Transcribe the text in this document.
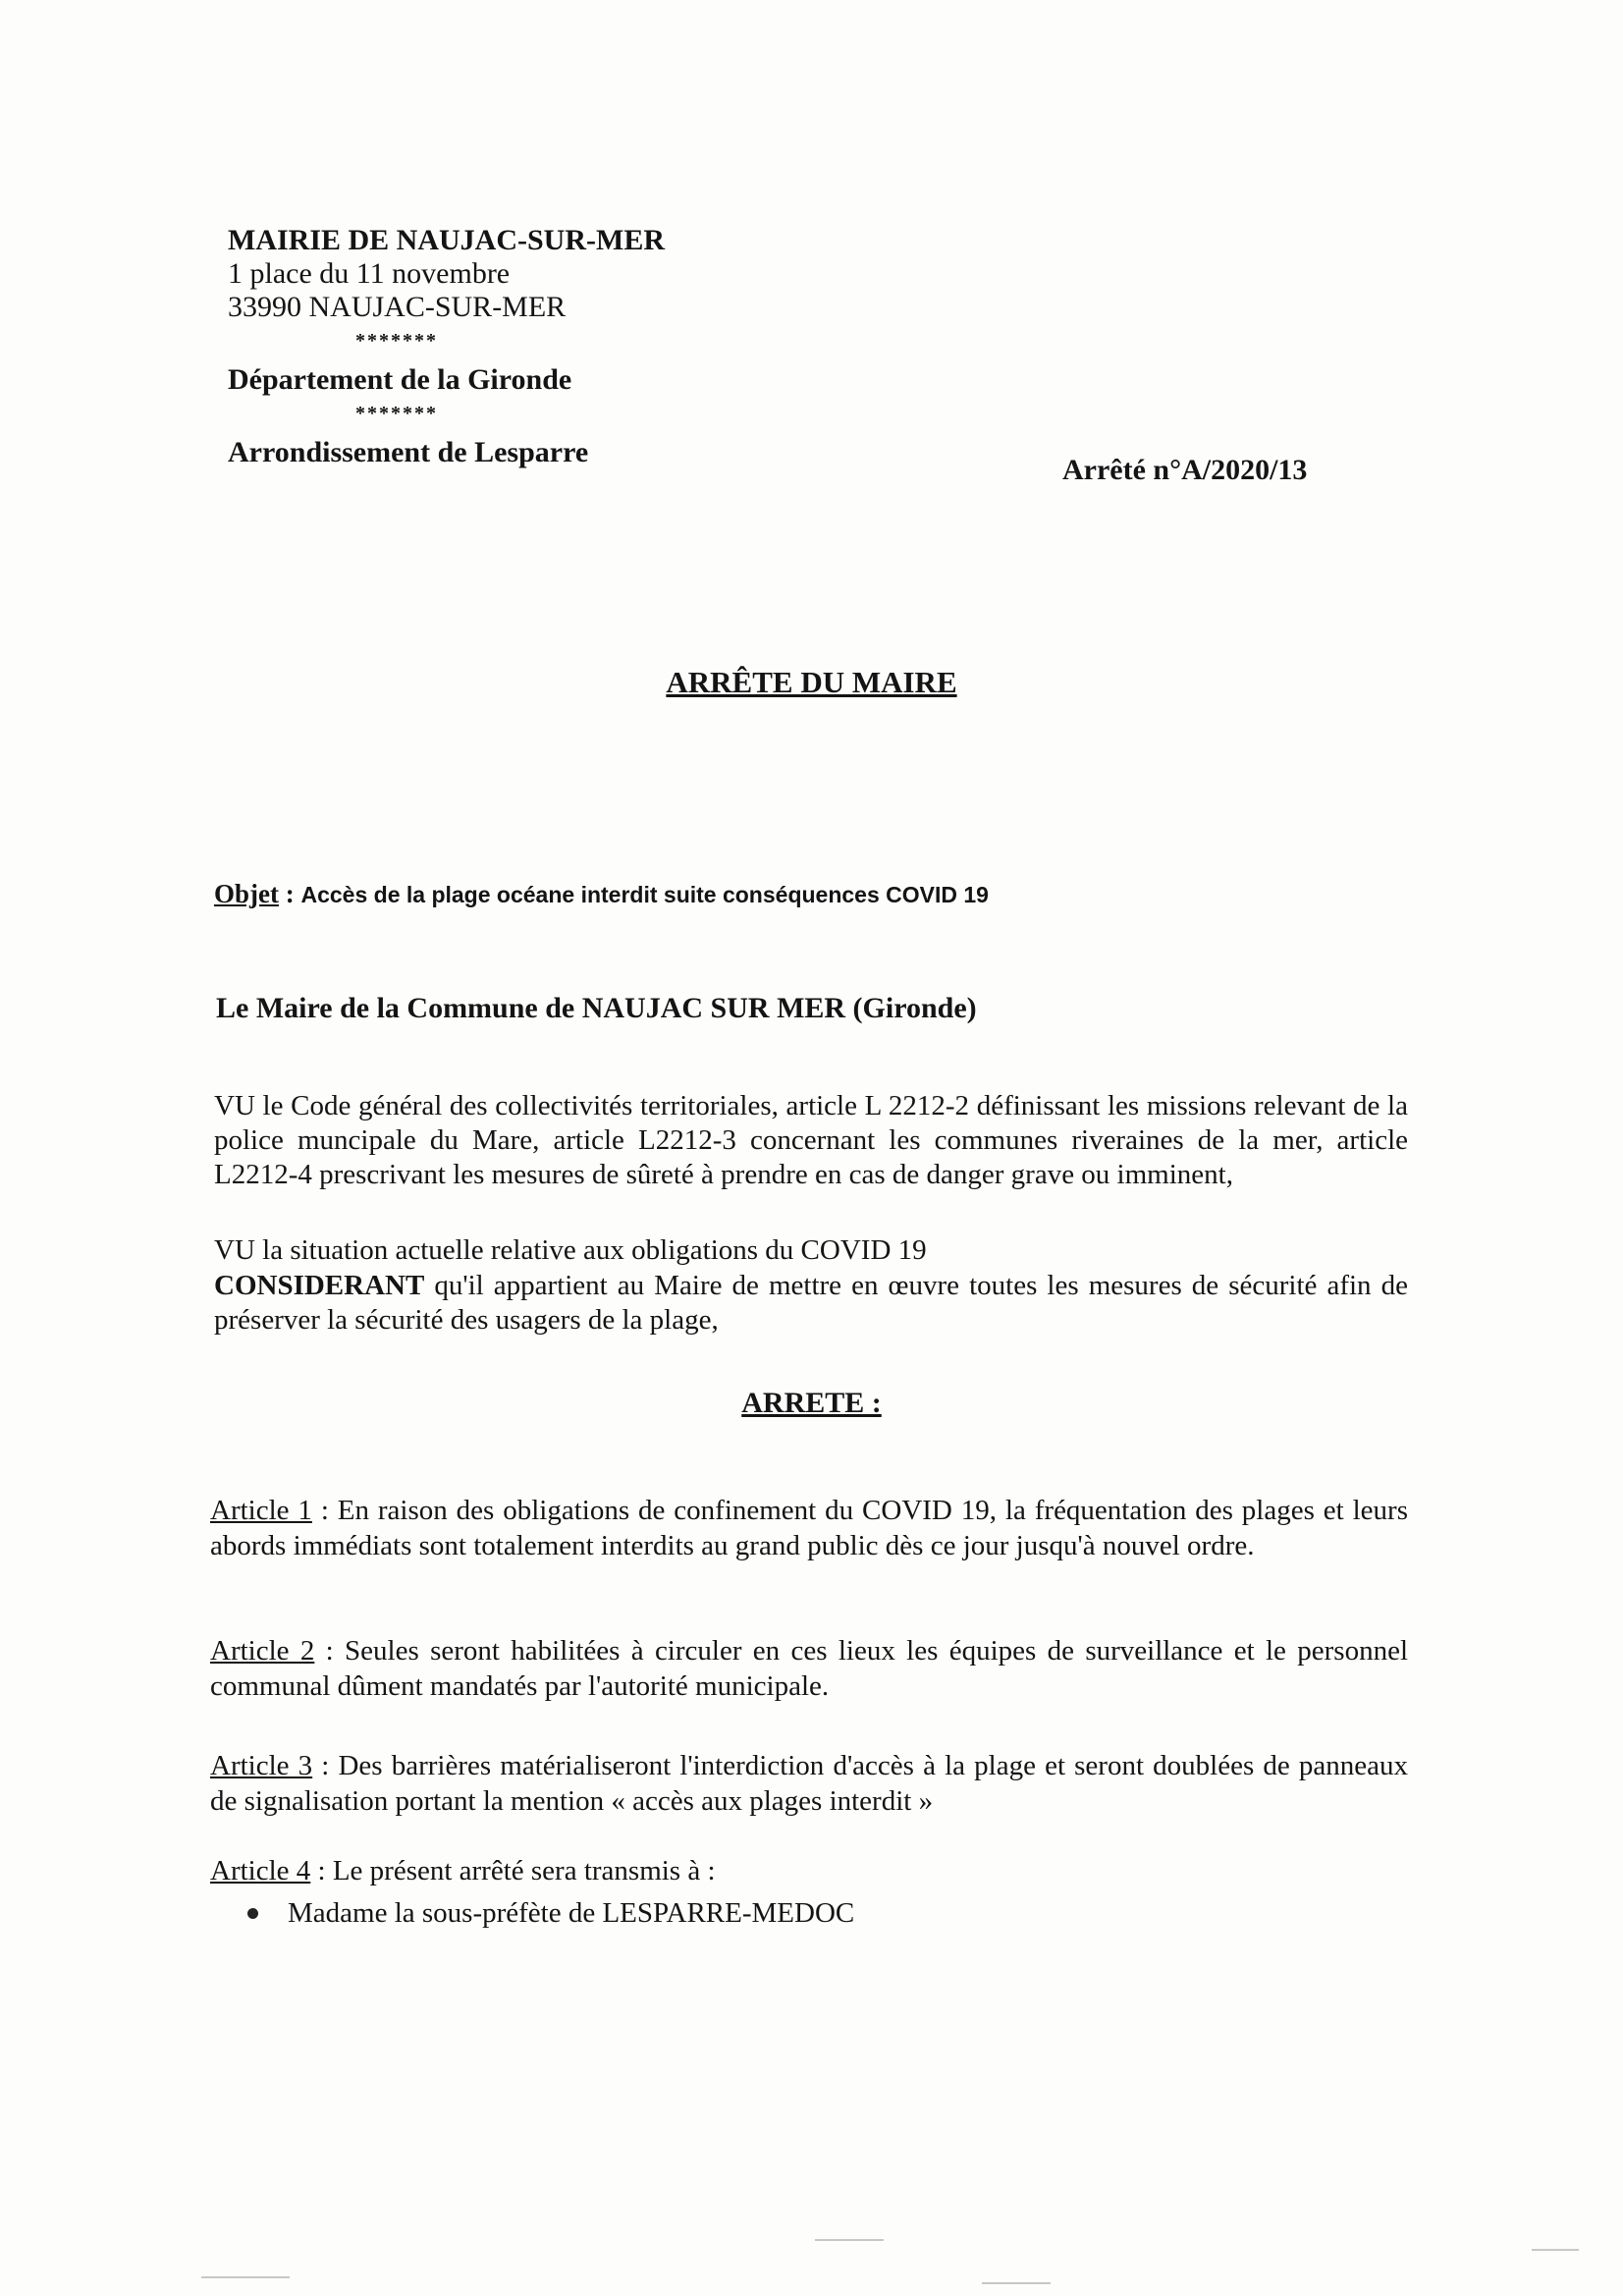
MAIRIE DE NAUJAC-SUR-MER
1 place du 11 novembre
33990 NAUJAC-SUR-MER
*******
Département de la Gironde
*******
Arrondissement de Lesparre
Arrêté n°A/2020/13
ARRÊTE DU MAIRE
Objet : Accès de la plage océane interdit suite conséquences COVID 19
Le Maire de la Commune de NAUJAC SUR MER (Gironde)
VU le Code général des collectivités territoriales, article L 2212-2 définissant les missions relevant de la police muncipale du Mare, article L2212-3 concernant les communes riveraines de la mer, article L2212-4 prescrivant les mesures de sûreté à prendre en cas de danger grave ou imminent,
VU la situation actuelle relative aux obligations du COVID 19
CONSIDERANT qu'il appartient au Maire de mettre en œuvre toutes les mesures de sécurité afin de préserver la sécurité des usagers de la plage,
ARRETE :
Article 1 : En raison des obligations de confinement du COVID 19, la fréquentation des plages et leurs abords immédiats sont totalement interdits au grand public dès ce jour jusqu'à nouvel ordre.
Article 2 : Seules seront habilitées à circuler en ces lieux les équipes de surveillance et le personnel communal dûment mandatés par l'autorité municipale.
Article 3 : Des barrières matérialiseront l'interdiction d'accès à la plage et seront doublées de panneaux de signalisation portant la mention « accès aux plages interdit »
Article 4 : Le présent arrêté sera transmis à :
Madame la sous-préfète de LESPARRE-MEDOC
